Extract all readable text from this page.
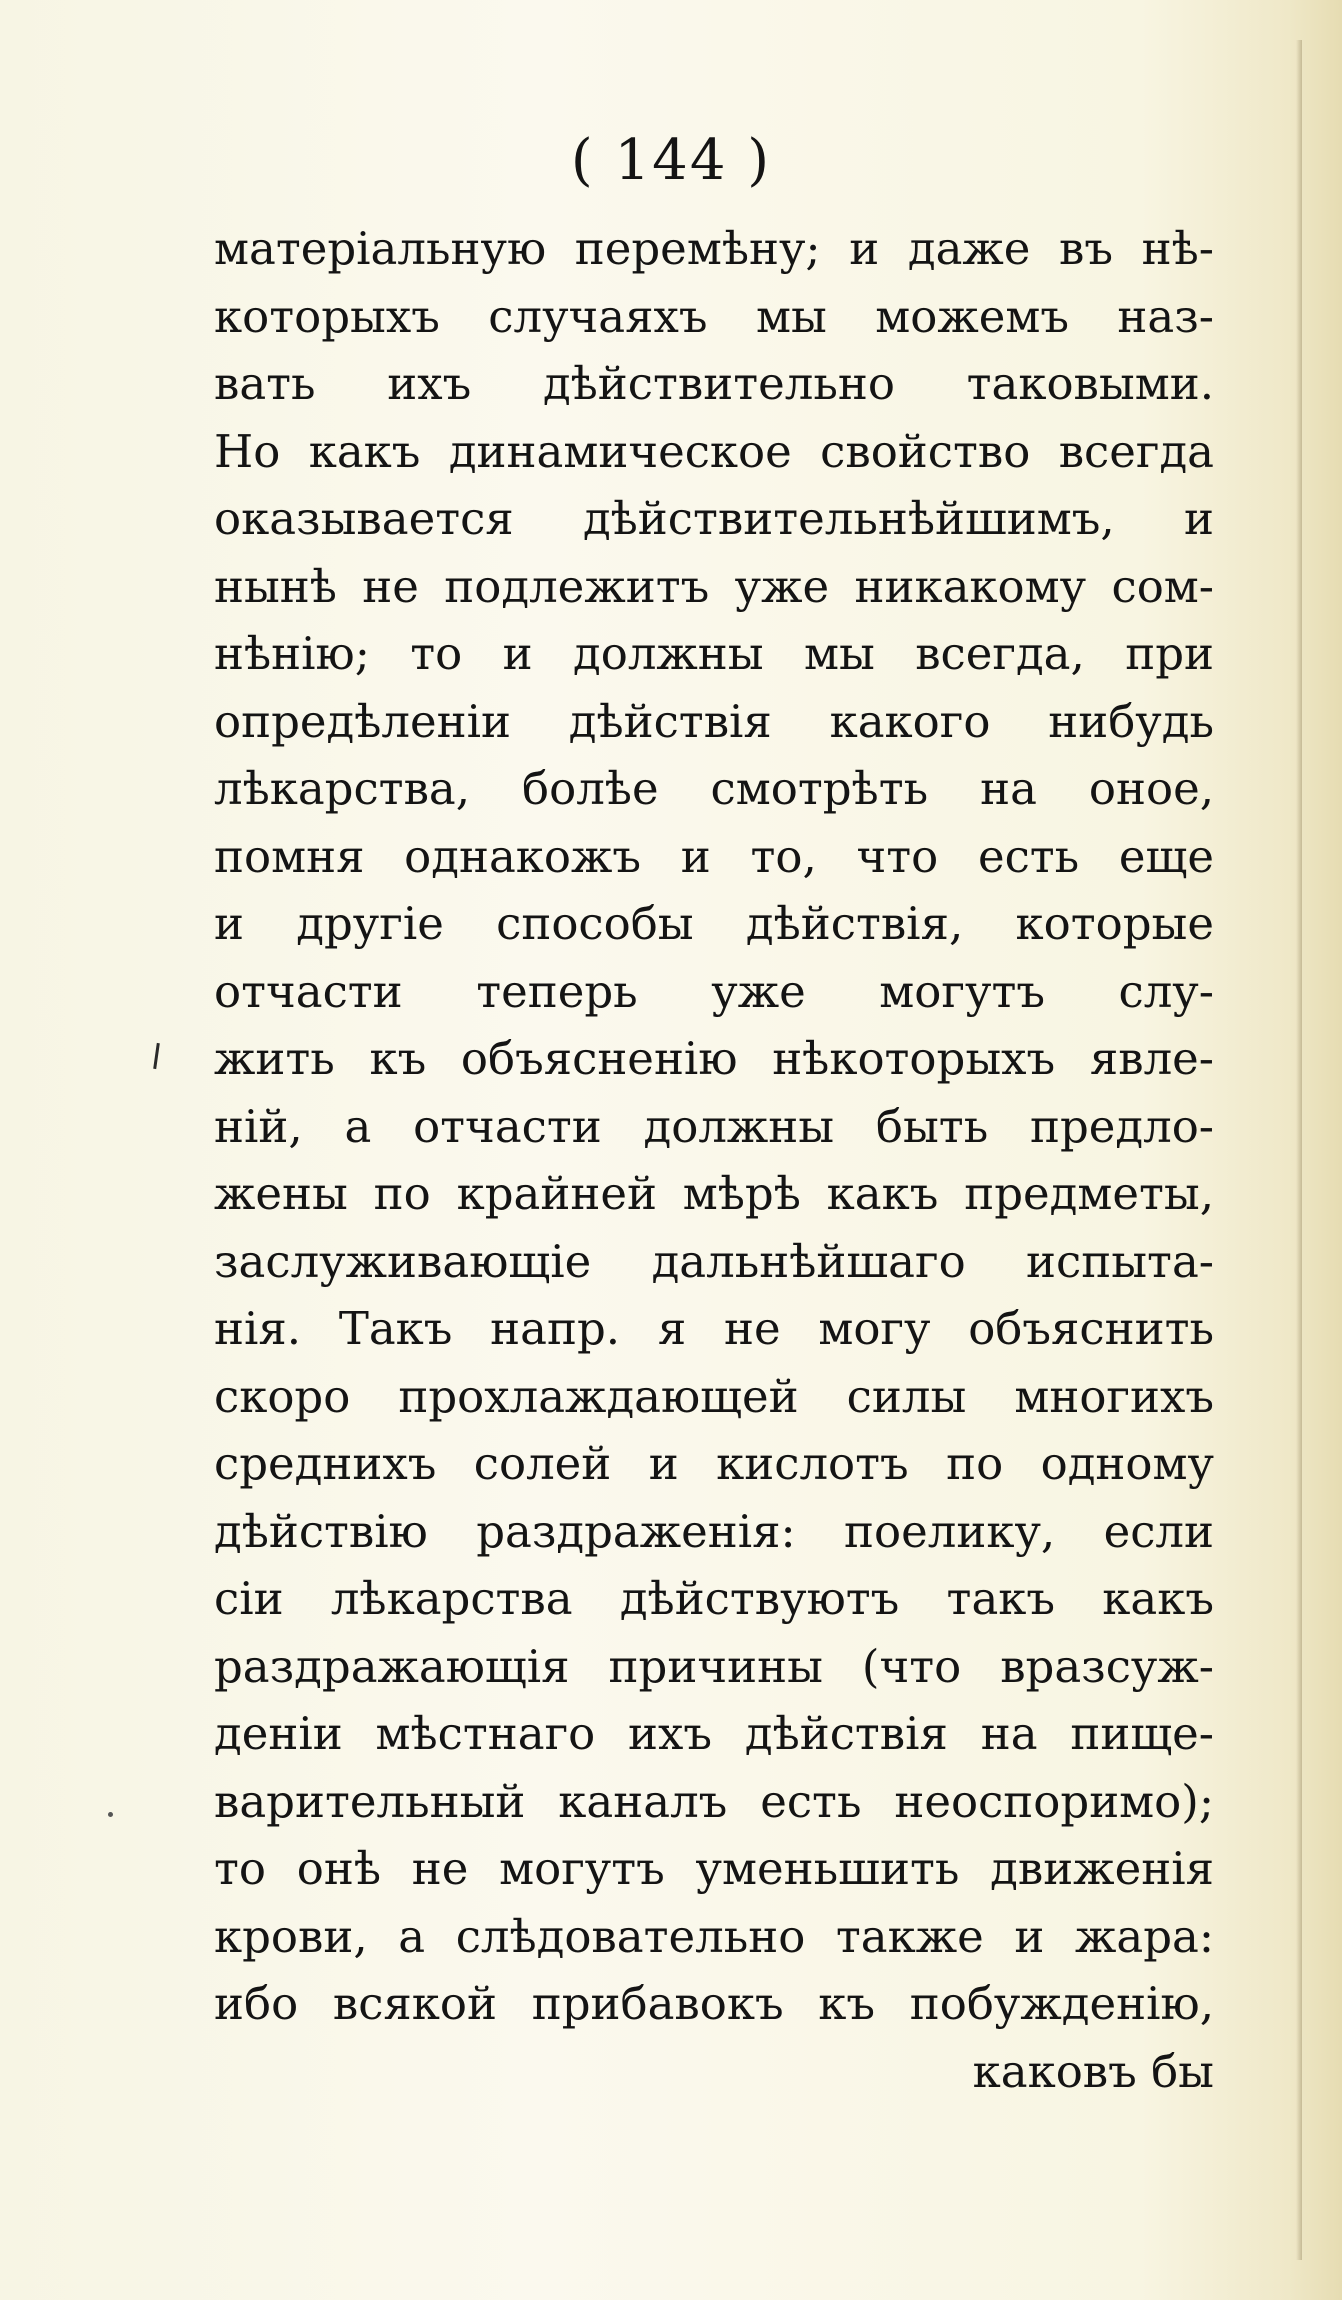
( 144 )
матеріальную перемѣну; и даже въ нѣ-
которыхъ случаяхъ мы можемъ наз-
вать ихъ дѣйствительно таковыми.
Но какъ динамическое свойство всегда
оказывается дѣйствительнѣйшимъ, и
нынѣ не подлежитъ уже никакому сом-
нѣнію; то и должны мы всегда, при
опредѣленіи дѣйствія какого нибудь
лѣкарства, болѣе смотрѣть на оное,
помня однакожъ и то, что есть еще
и другіе способы дѣйствія, которые
отчасти теперь уже могутъ слу-
жить къ объясненію нѣкоторыхъ явле-
ній, а отчасти должны быть предло-
жены по крайней мѣрѣ какъ предметы,
заслуживающіе дальнѣйшаго испыта-
нія. Такъ напр. я не могу объяснить
скоро прохлаждающей силы многихъ
среднихъ солей и кислотъ по одному
дѣйствію раздраженія: поелику, если
сіи лѣкарства дѣйствуютъ такъ какъ
раздражающія причины (что вразсуж-
деніи мѣстнаго ихъ дѣйствія на пище-
варительный каналъ есть неоспоримо);
то онѣ не могутъ уменьшить движенія
крови, а слѣдовательно также и жара:
ибо всякой прибавокъ къ побужденію,
каковъ бы
